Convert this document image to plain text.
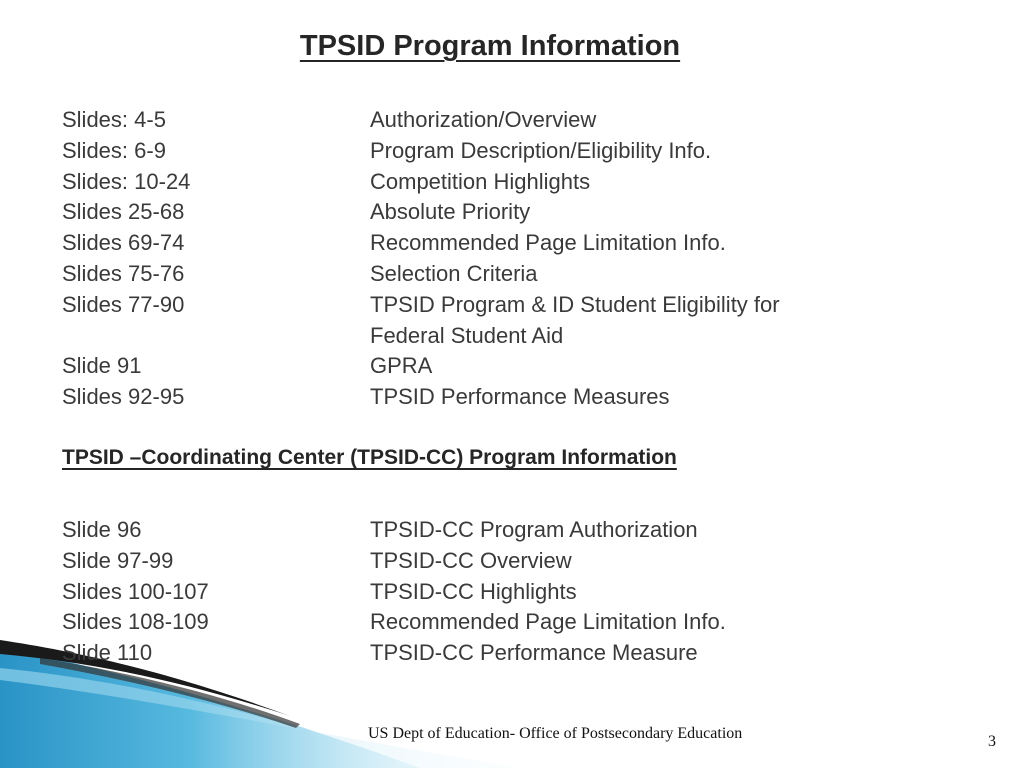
TPSID Program Information
Slides: 4-5	Authorization/Overview
Slides: 6-9	Program Description/Eligibility Info.
Slides: 10-24	Competition Highlights
Slides 25-68	Absolute Priority
Slides 69-74	Recommended Page Limitation Info.
Slides 75-76	Selection Criteria
Slides 77-90	TPSID Program & ID Student Eligibility for
Federal Student Aid
Slide 91	GPRA
Slides 92-95	TPSID Performance Measures
TPSID –Coordinating Center (TPSID-CC) Program Information
Slide 96	TPSID-CC Program Authorization
Slide 97-99	TPSID-CC Overview
Slides 100-107	TPSID-CC Highlights
Slides 108-109	Recommended Page Limitation Info.
Slide 110	TPSID-CC Performance Measure
US Dept of Education- Office of Postsecondary Education	3
